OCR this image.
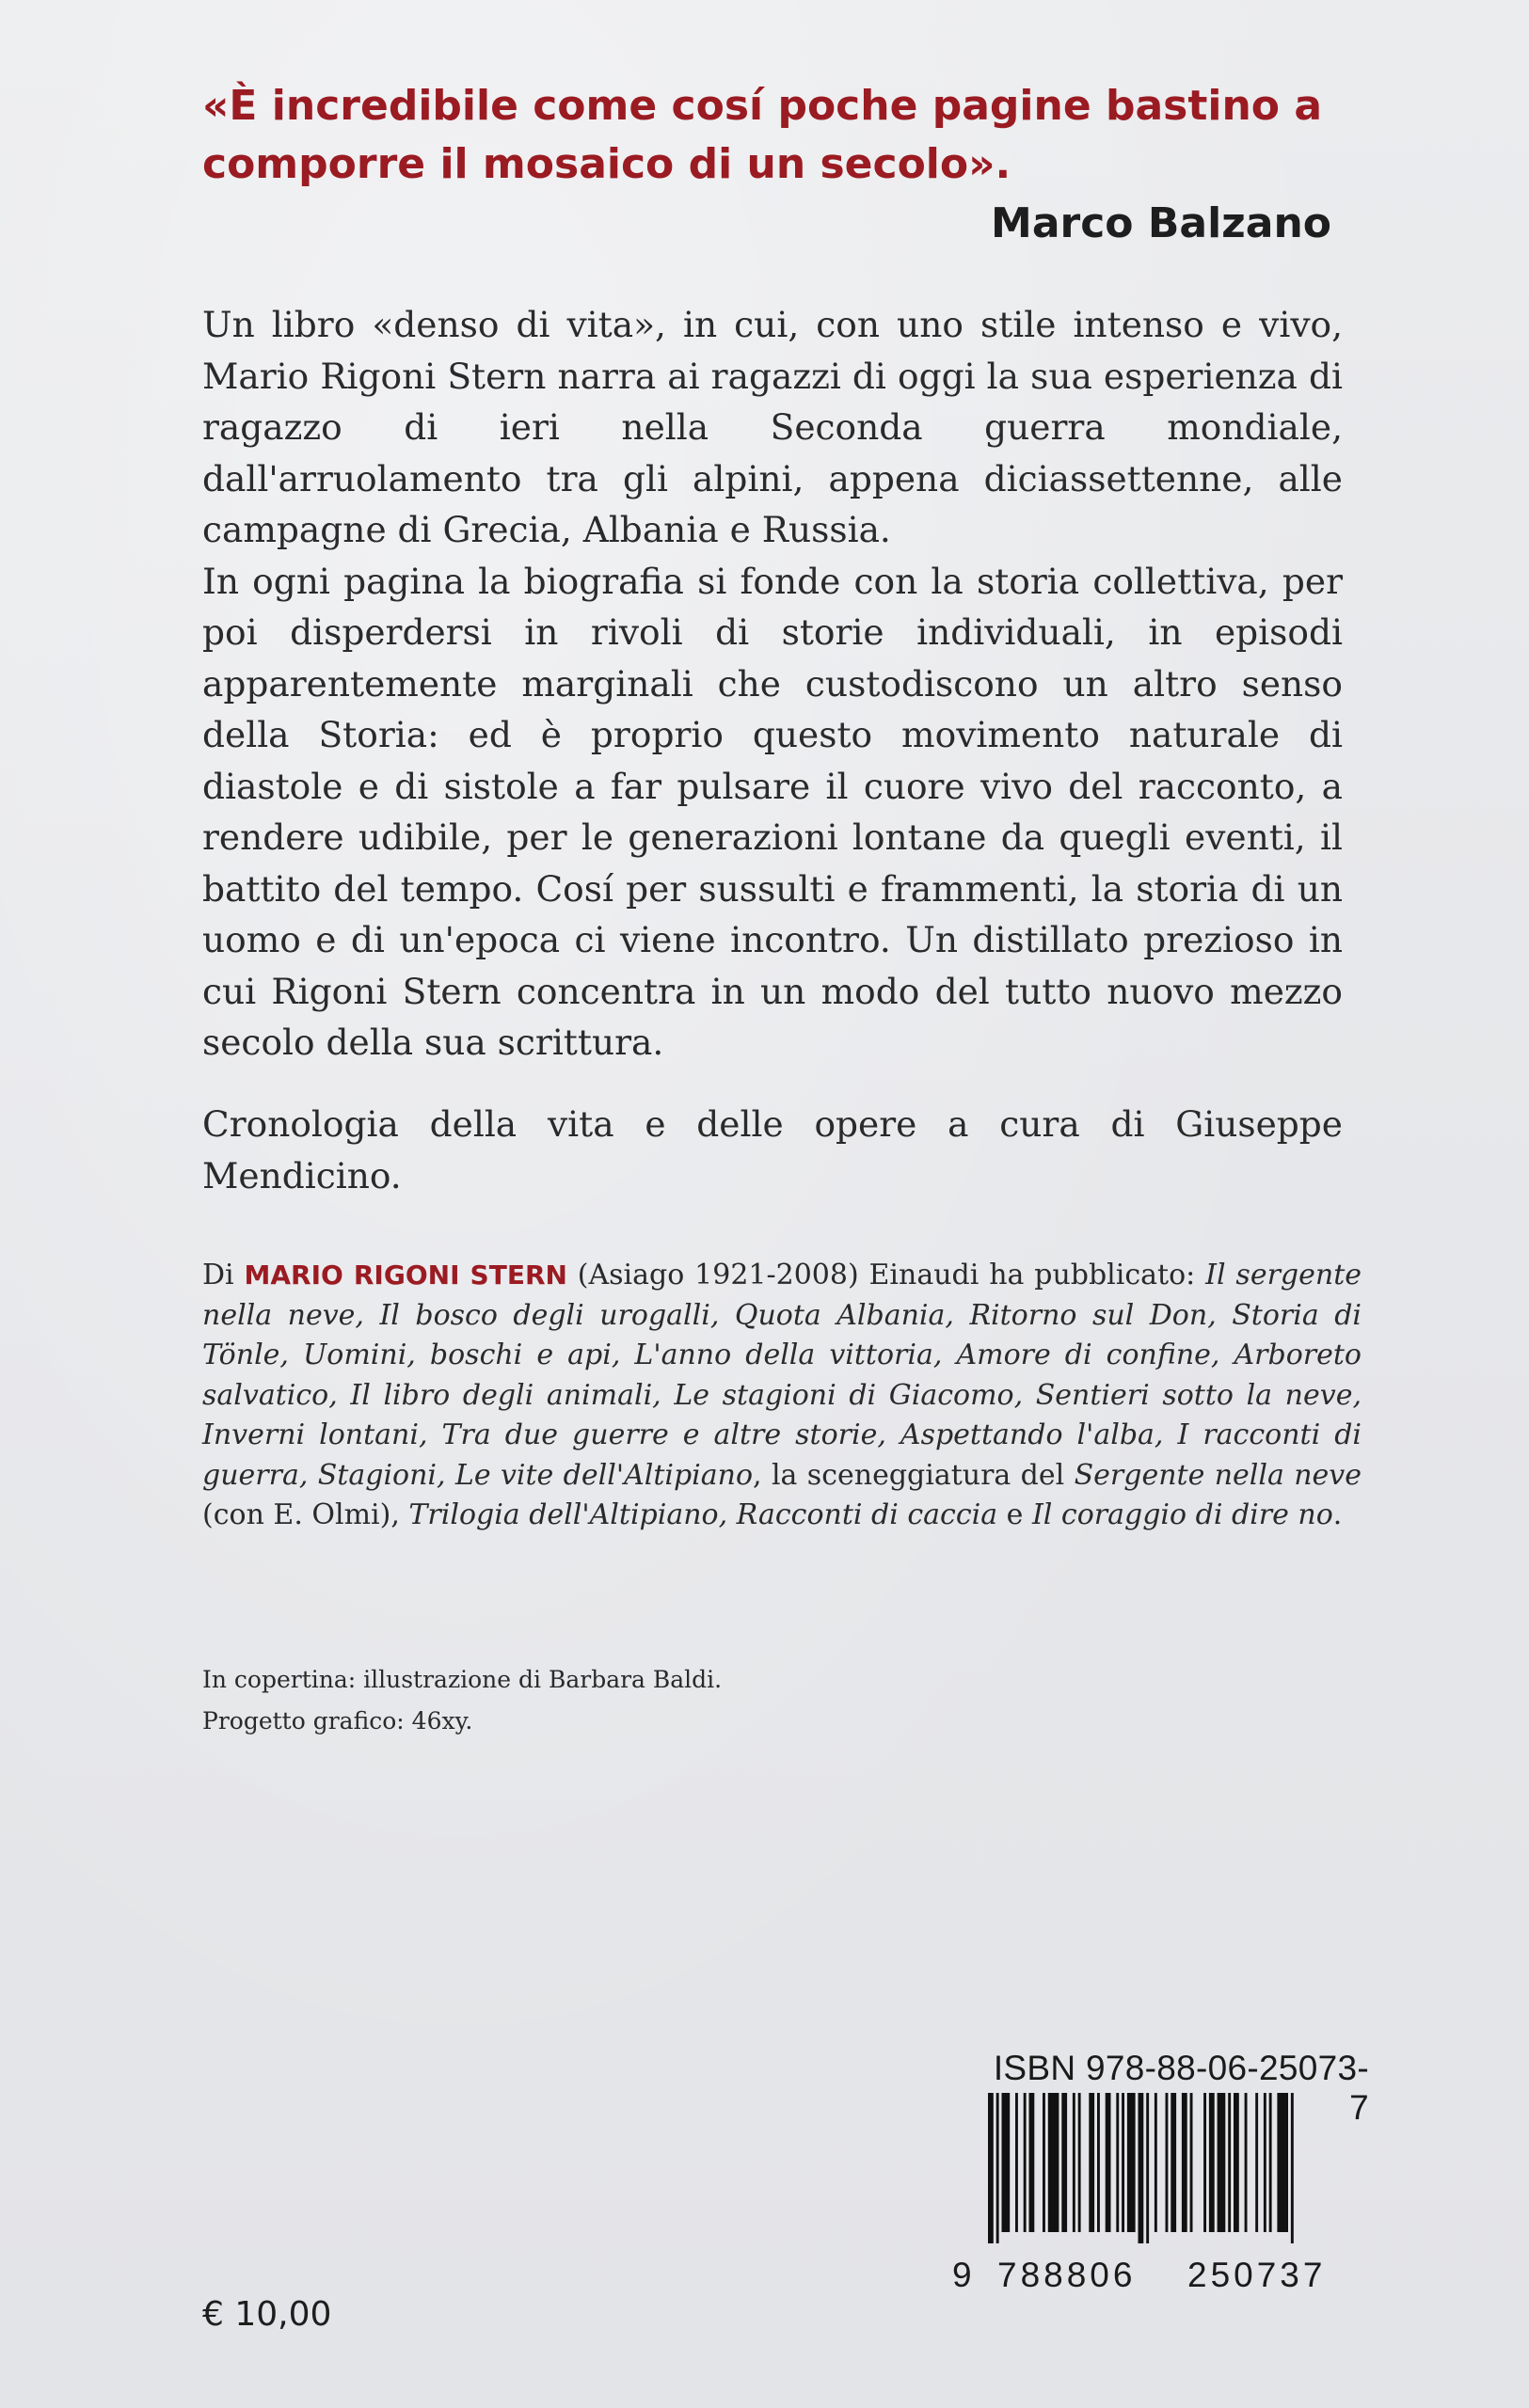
«È incredibile come cosí poche pagine bastino a
comporre il mosaico di un secolo».
Marco Balzano

Un libro «denso di vita», in cui, con uno stile intenso e vivo, Mario Rigoni Stern narra ai ragazzi di oggi la sua esperienza di ragazzo di ieri nella Seconda guerra mondiale, dall'arruolamento tra gli alpini, appena diciassettenne, alle campagne di Grecia, Albania e Russia.

In ogni pagina la biografia si fonde con la storia collettiva, per poi disperdersi in rivoli di storie individuali, in episodi apparentemente marginali che custodiscono un altro senso della Storia: ed è proprio questo movimento naturale di diastole e di sistole a far pulsare il cuore vivo del racconto, a rendere udibile, per le generazioni lontane da quegli eventi, il battito del tempo. Cosí per sussulti e frammenti, la storia di un uomo e di un'epoca ci viene incontro. Un distillato prezioso in cui Rigoni Stern concentra in un modo del tutto nuovo mezzo secolo della sua scrittura.

Cronologia della vita e delle opere a cura di Giuseppe Mendicino.

Di MARIO RIGONI STERN (Asiago 1921-2008) Einaudi ha pubblicato: Il sergente nella neve, Il bosco degli urogalli, Quota Albania, Ritorno sul Don, Storia di Tönle, Uomini, boschi e api, L'anno della vittoria, Amore di confine, Arboreto salvatico, Il libro degli animali, Le stagioni di Giacomo, Sentieri sotto la neve, Inverni lontani, Tra due guerre e altre storie, Aspettando l'alba, I racconti di guerra, Stagioni, Le vite dell'Altipiano, la sceneggiatura del Sergente nella neve (con E. Olmi), Trilogia dell'Altipiano, Racconti di caccia e Il coraggio di dire no.

In copertina: illustrazione di Barbara Baldi.
Progetto grafico: 46xy.
ISBN 978-88-06-25073-7
9 788806 250737
€ 10,00
